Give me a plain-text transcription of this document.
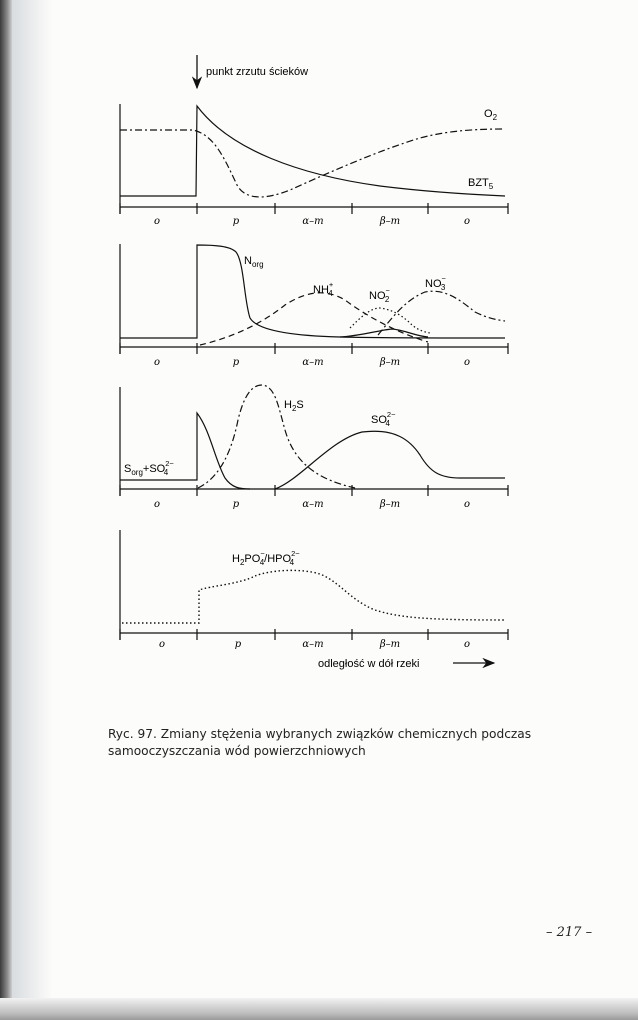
punkt zrzutu ścieków
$O_2$
$BZT_5$
o	p	α–m	β–m	o
$N_{org}$
NH+ 4	NO− 2
NO− 3
o	p	α–m	β–m	o
$H_2S$
$SO^{2-}$ 4
$S_{org}+SO^{2-}$ 4
o	p	α–m	β–m	o
$H_2PO^-$ $4/HPO^{2-}$ 4
o	p	α–m	β–m	o
odległość w dół rzeki
Ryc. 97. Zmiany stężenia wybranych związków chemicznych podczas samooczyszczania wód powierzchniowych
– 217 –
